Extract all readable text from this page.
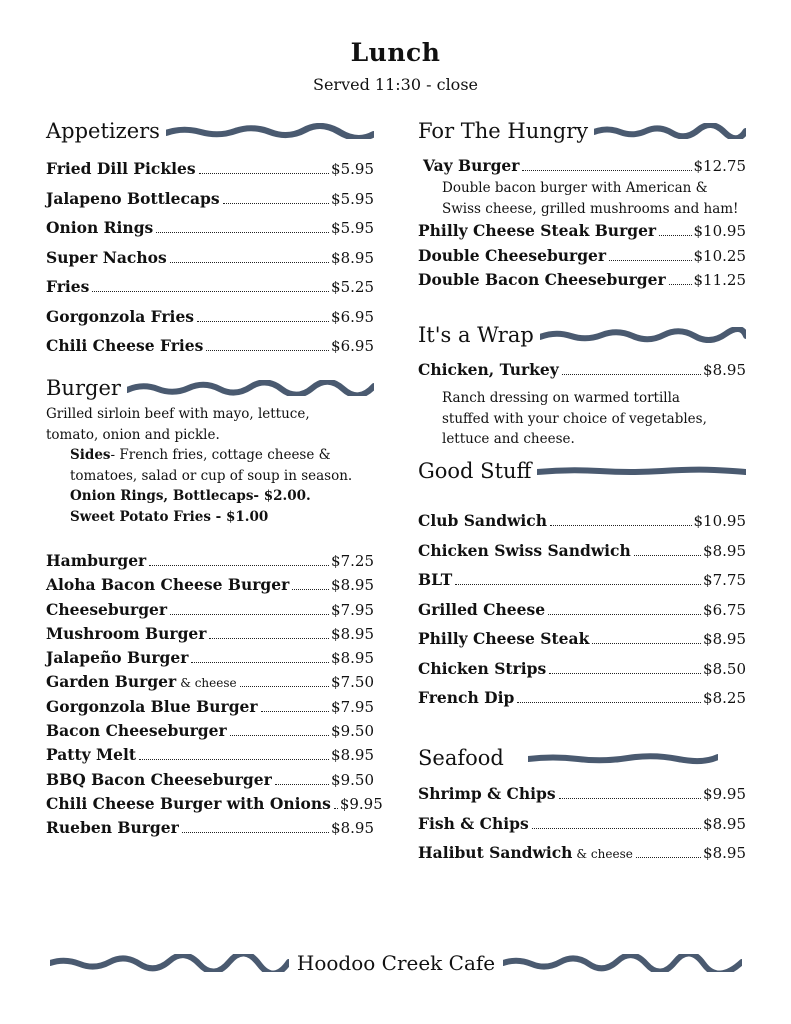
Lunch
Served 11:30 - close
Appetizers
Fried Dill Pickles	$5.95
Jalapeno Bottlecaps	$5.95
Onion Rings	$5.95
Super Nachos	$8.95
Fries	$5.25
Gorgonzola Fries	$6.95
Chili Cheese Fries	$6.95
Burger
Grilled sirloin beef with mayo, lettuce,
tomato, onion and pickle.
Sides- French fries, cottage cheese &
tomatoes, salad or cup of soup in season.
Onion Rings, Bottlecaps- $2.00.
Sweet Potato Fries - $1.00
Hamburger	$7.25
Aloha Bacon Cheese Burger	$8.95
Cheeseburger	$7.95
Mushroom Burger	$8.95
Jalapeño Burger	$8.95
Garden Burger & cheese	$7.50
Gorgonzola Blue Burger	$7.95
Bacon Cheeseburger	$9.50
Patty Melt	$8.95
BBQ Bacon Cheeseburger	$9.50
Chili Cheese Burger with Onions $9.95
Rueben Burger	$8.95
For The Hungry
Vay Burger	$12.75
Double bacon burger with American &
Swiss cheese, grilled mushrooms and ham!
Philly Cheese Steak Burger $10.95
Double Cheeseburger	$10.25
Double Bacon Cheeseburger $11.25
It's a Wrap
Chicken, Turkey	$8.95
Ranch dressing on warmed tortilla
stuffed with your choice of vegetables,
lettuce and cheese.
Good Stuff
Club Sandwich	$10.95
Chicken Swiss Sandwich	$8.95
BLT	$7.75
Grilled Cheese	$6.75
Philly Cheese Steak	$8.95
Chicken Strips	$8.50
French Dip	$8.25
Seafood
Shrimp & Chips	$9.95
Fish & Chips	$8.95
Halibut Sandwich & cheese	$8.95
Hoodoo Creek Cafe
